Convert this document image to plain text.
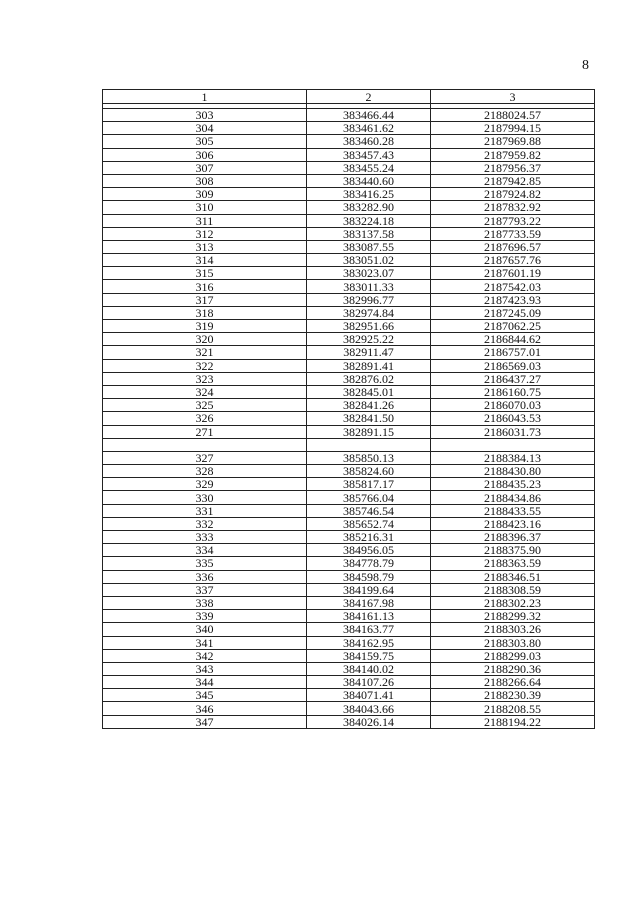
8
1	2	3

303	383466.44	2188024.57
304	383461.62	2187994.15
305	383460.28	2187969.88
306	383457.43	2187959.82
307	383455.24	2187956.37
308	383440.60	2187942.85
309	383416.25	2187924.82
310	383282.90	2187832.92
311	383224.18	2187793.22
312	383137.58	2187733.59
313	383087.55	2187696.57
314	383051.02	2187657.76
315	383023.07	2187601.19
316	383011.33	2187542.03
317	382996.77	2187423.93
318	382974.84	2187245.09
319	382951.66	2187062.25
320	382925.22	2186844.62
321	382911.47	2186757.01
322	382891.41	2186569.03
323	382876.02	2186437.27
324	382845.01	2186160.75
325	382841.26	2186070.03
326	382841.50	2186043.53
271	382891.15	2186031.73

327	385850.13	2188384.13
328	385824.60	2188430.80
329	385817.17	2188435.23
330	385766.04	2188434.86
331	385746.54	2188433.55
332	385652.74	2188423.16
333	385216.31	2188396.37
334	384956.05	2188375.90
335	384778.79	2188363.59
336	384598.79	2188346.51
337	384199.64	2188308.59
338	384167.98	2188302.23
339	384161.13	2188299.32
340	384163.77	2188303.26
341	384162.95	2188303.80
342	384159.75	2188299.03
343	384140.02	2188290.36
344	384107.26	2188266.64
345	384071.41	2188230.39
346	384043.66	2188208.55
347	384026.14	2188194.22
